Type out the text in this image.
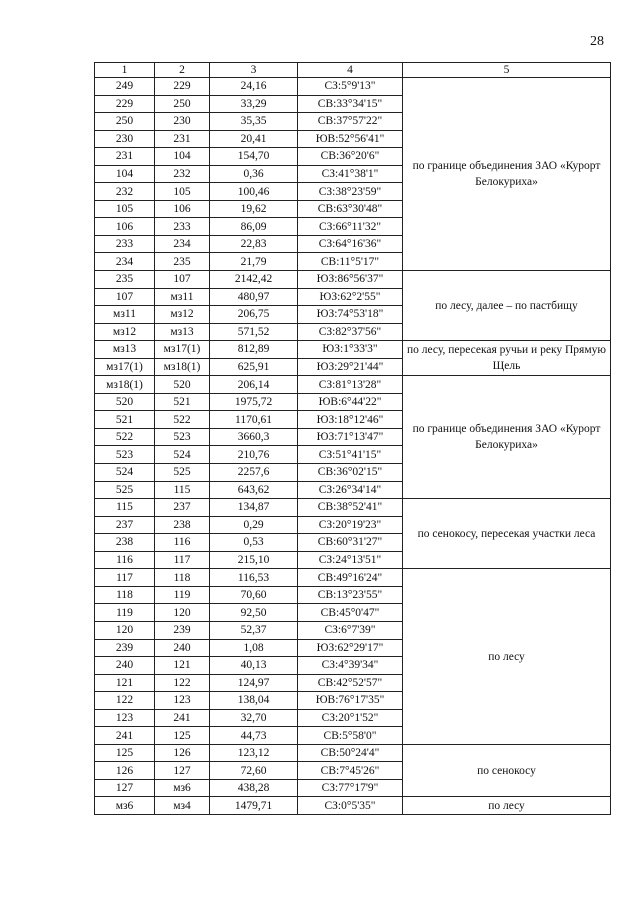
28
1	2	3	4	5
249	229	24,16	СЗ:5°9'13"	по границе объединения ЗАО «Курорт Белокуриха»
229	250	33,29	СВ:33°34'15"	
250	230	35,35	СВ:37°57'22"	
230	231	20,41	ЮВ:52°56'41"	
231	104	154,70	СВ:36°20'6"	
104	232	0,36	СЗ:41°38'1"	
232	105	100,46	СЗ:38°23'59"	
105	106	19,62	СВ:63°30'48"	
106	233	86,09	СЗ:66°11'32"	
233	234	22,83	СЗ:64°16'36"	
234	235	21,79	СВ:11°5'17"	
235	107	2142,42	ЮЗ:86°56'37"	по лесу, далее – по пастбищу
107	мз11	480,97	ЮЗ:62°2'55"	
мз11	мз12	206,75	ЮЗ:74°53'18"	
мз12	мз13	571,52	СЗ:82°37'56"	
мз13	мз17(1)	812,89	ЮЗ:1°33'3"	по лесу, пересекая ручьи и реку Прямую Щель
мз17(1)	мз18(1)	625,91	ЮЗ:29°21'44"	
мз18(1)	520	206,14	СЗ:81°13'28"	по границе объединения ЗАО «Курорт Белокуриха»
520	521	1975,72	ЮВ:6°44'22"	
521	522	1170,61	ЮЗ:18°12'46"	
522	523	3660,3	ЮЗ:71°13'47"	
523	524	210,76	СЗ:51°41'15"	
524	525	2257,6	СВ:36°02'15"	
525	115	643,62	СЗ:26°34'14"	
115	237	134,87	СВ:38°52'41"	по сенокосу, пересекая участки леса
237	238	0,29	СЗ:20°19'23"	
238	116	0,53	СВ:60°31'27"	
116	117	215,10	СЗ:24°13'51"	
117	118	116,53	СВ:49°16'24"	по лесу
118	119	70,60	СВ:13°23'55"	
119	120	92,50	СВ:45°0'47"	
120	239	52,37	СЗ:6°7'39"	
239	240	1,08	ЮЗ:62°29'17"	
240	121	40,13	СЗ:4°39'34"	
121	122	124,97	СВ:42°52'57"	
122	123	138,04	ЮВ:76°17'35"	
123	241	32,70	СЗ:20°1'52"	
241	125	44,73	СВ:5°58'0"	
125	126	123,12	СВ:50°24'4"	по сенокосу
126	127	72,60	СВ:7°45'26"	
127	мз6	438,28	СЗ:77°17'9"	
мз6	мз4	1479,71	СЗ:0°5'35"	по лесу
